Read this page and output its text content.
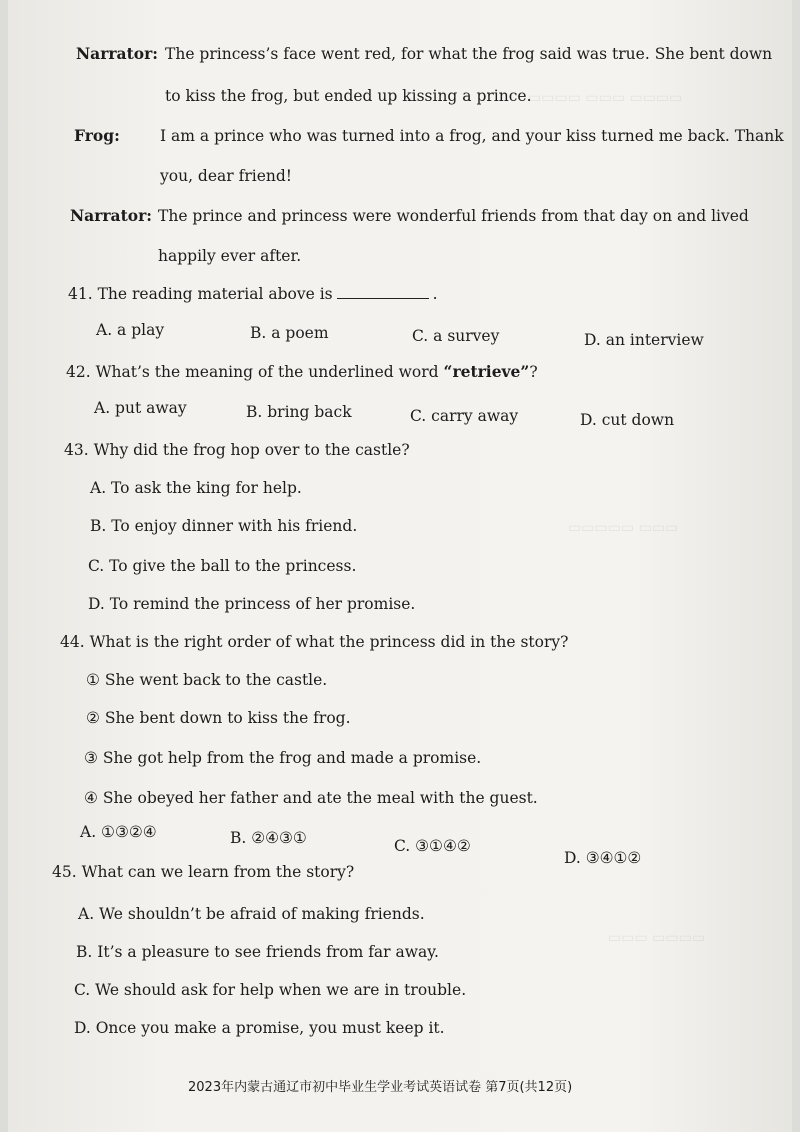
▭▭▭▭ ▭▭▭ ▭▭▭▭
▭▭▭▭▭ ▭▭▭
▭▭▭ ▭▭▭▭
Narrator: The princess’s face went red, for what the frog said was true. She bent down
to kiss the frog, but ended up kissing a prince.
Frog:	I am a prince who was turned into a frog, and your kiss turned me back. Thank
you, dear friend!
Narrator: The prince and princess were wonderful friends from that day on and lived
happily ever after.
41. The reading material above is	.
A. a play	B. a poem	C. a survey	D. an interview
42. What’s the meaning of the underlined word “retrieve”?
A. put away	B. bring back	C. carry away	D. cut down
43. Why did the frog hop over to the castle?
A. To ask the king for help.
B. To enjoy dinner with his friend.
C. To give the ball to the princess.
D. To remind the princess of her promise.
44. What is the right order of what the princess did in the story?
① She went back to the castle.
② She bent down to kiss the frog.
③ She got help from the frog and made a promise.
④ She obeyed her father and ate the meal with the guest.
A. ①③②④	B. ②④③①	C. ③①④②
D. ③④①②
45. What can we learn from the story?
A. We shouldn’t be afraid of making friends.
B. It’s a pleasure to see friends from far away.
C. We should ask for help when we are in trouble.
D. Once you make a promise, you must keep it.
2023年内蒙古通辽市初中毕业生学业考试英语试卷 第7页(共12页)
